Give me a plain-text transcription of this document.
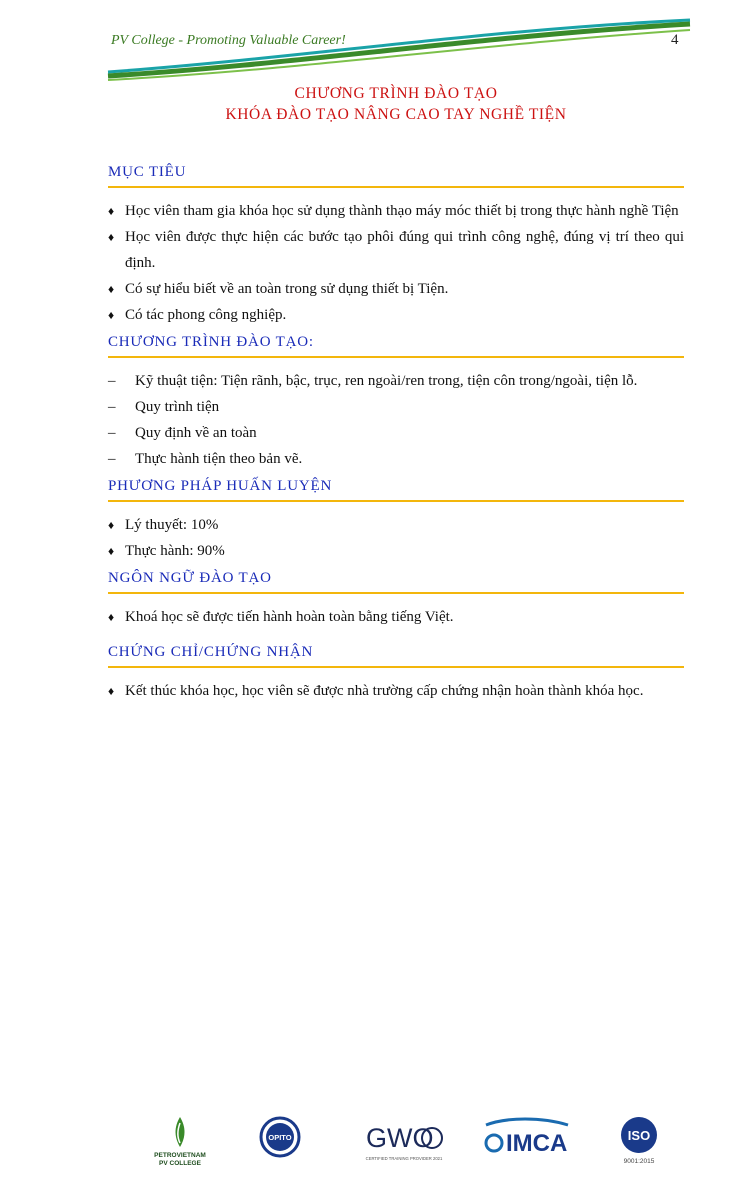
PV College - Promoting Valuable Career!	4
CHƯƠNG TRÌNH ĐÀO TẠO
KHÓA ĐÀO TẠO NÂNG CAO TAY NGHỀ TIỆN
MỤC TIÊU
♦ Học viên tham gia khóa học sử dụng thành thạo máy móc thiết bị trong thực hành nghề Tiện
♦ Học viên được thực hiện các bước tạo phôi đúng qui trình công nghệ, đúng vị trí theo qui định.
♦ Có sự hiểu biết về an toàn trong sử dụng thiết bị Tiện.
♦ Có tác phong công nghiệp.
CHƯƠNG TRÌNH ĐÀO TẠO:
– Kỹ thuật tiện: Tiện rãnh, bậc, trục, ren ngoài/ren trong, tiện côn trong/ngoài, tiện lỗ.
– Quy trình tiện
– Quy định về an toàn
– Thực hành tiện theo bản vẽ.
PHƯƠNG PHÁP HUẤN LUYỆN
♦ Lý thuyết: 10%
♦ Thực hành: 90%
NGÔN NGỮ ĐÀO TẠO
♦ Khoá học sẽ được tiến hành hoàn toàn bằng tiếng Việt.
CHỨNG CHỈ/CHỨNG NHẬN
♦ Kết thúc khóa học, học viên sẽ được nhà trường cấp chứng nhận hoàn thành khóa học.
PETROVIETNAM
PV COLLEGE
OPITO	GWO
CERTIFIED TRAINING PROVIDER 2021
IMCA	ISO
9001:2015
